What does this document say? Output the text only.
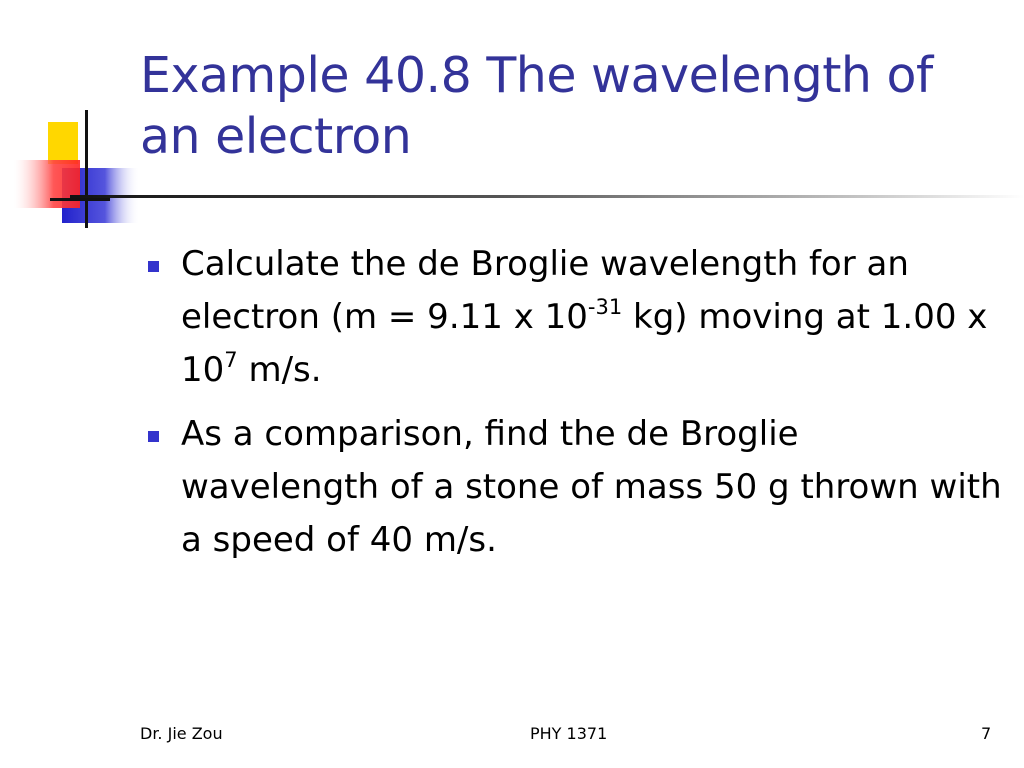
Example 40.8 The wavelength of an electron
Calculate the de Broglie wavelength for an electron (m = 9.11 x $10^{-31}$ kg) moving at 1.00 x $10^7$ m/s.
As a comparison, find the de Broglie wavelength of a stone of mass 50 g thrown with a speed of 40 m/s.
Dr. Jie Zou	PHY 1371	7
